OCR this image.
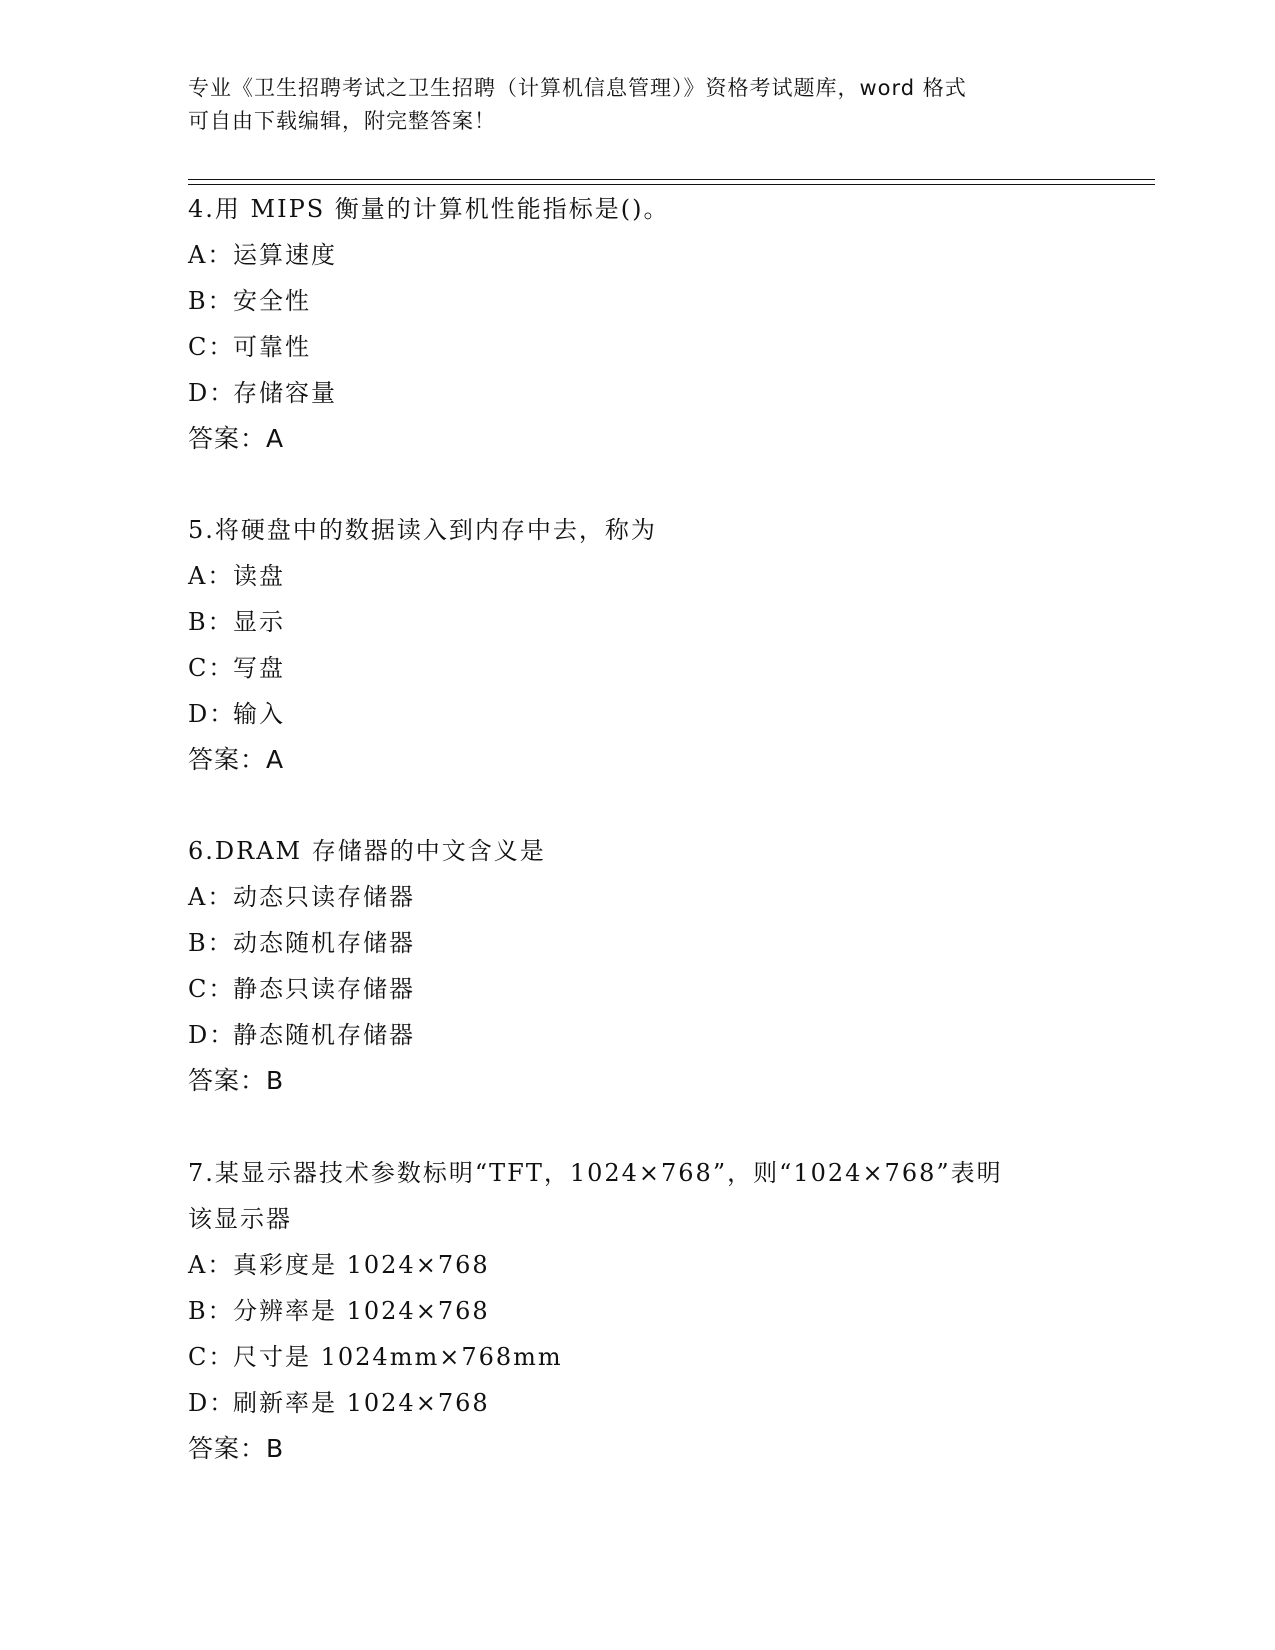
专业《卫生招聘考试之卫生招聘（计算机信息管理）》资格考试题库，word 格式
可自由下载编辑，附完整答案！
4.用 MIPS 衡量的计算机性能指标是()。
A：运算速度
B：安全性
C：可靠性
D：存储容量
答案：A
5.将硬盘中的数据读入到内存中去，称为
A：读盘
B：显示
C：写盘
D：输入
答案：A
6.DRAM 存储器的中文含义是
A：动态只读存储器
B：动态随机存储器
C：静态只读存储器
D：静态随机存储器
答案：B
7.某显示器技术参数标明“TFT，1024×768”，则“1024×768”表明
该显示器
A：真彩度是 1024×768
B：分辨率是 1024×768
C：尺寸是 1024mm×768mm
D：刷新率是 1024×768
答案：B
